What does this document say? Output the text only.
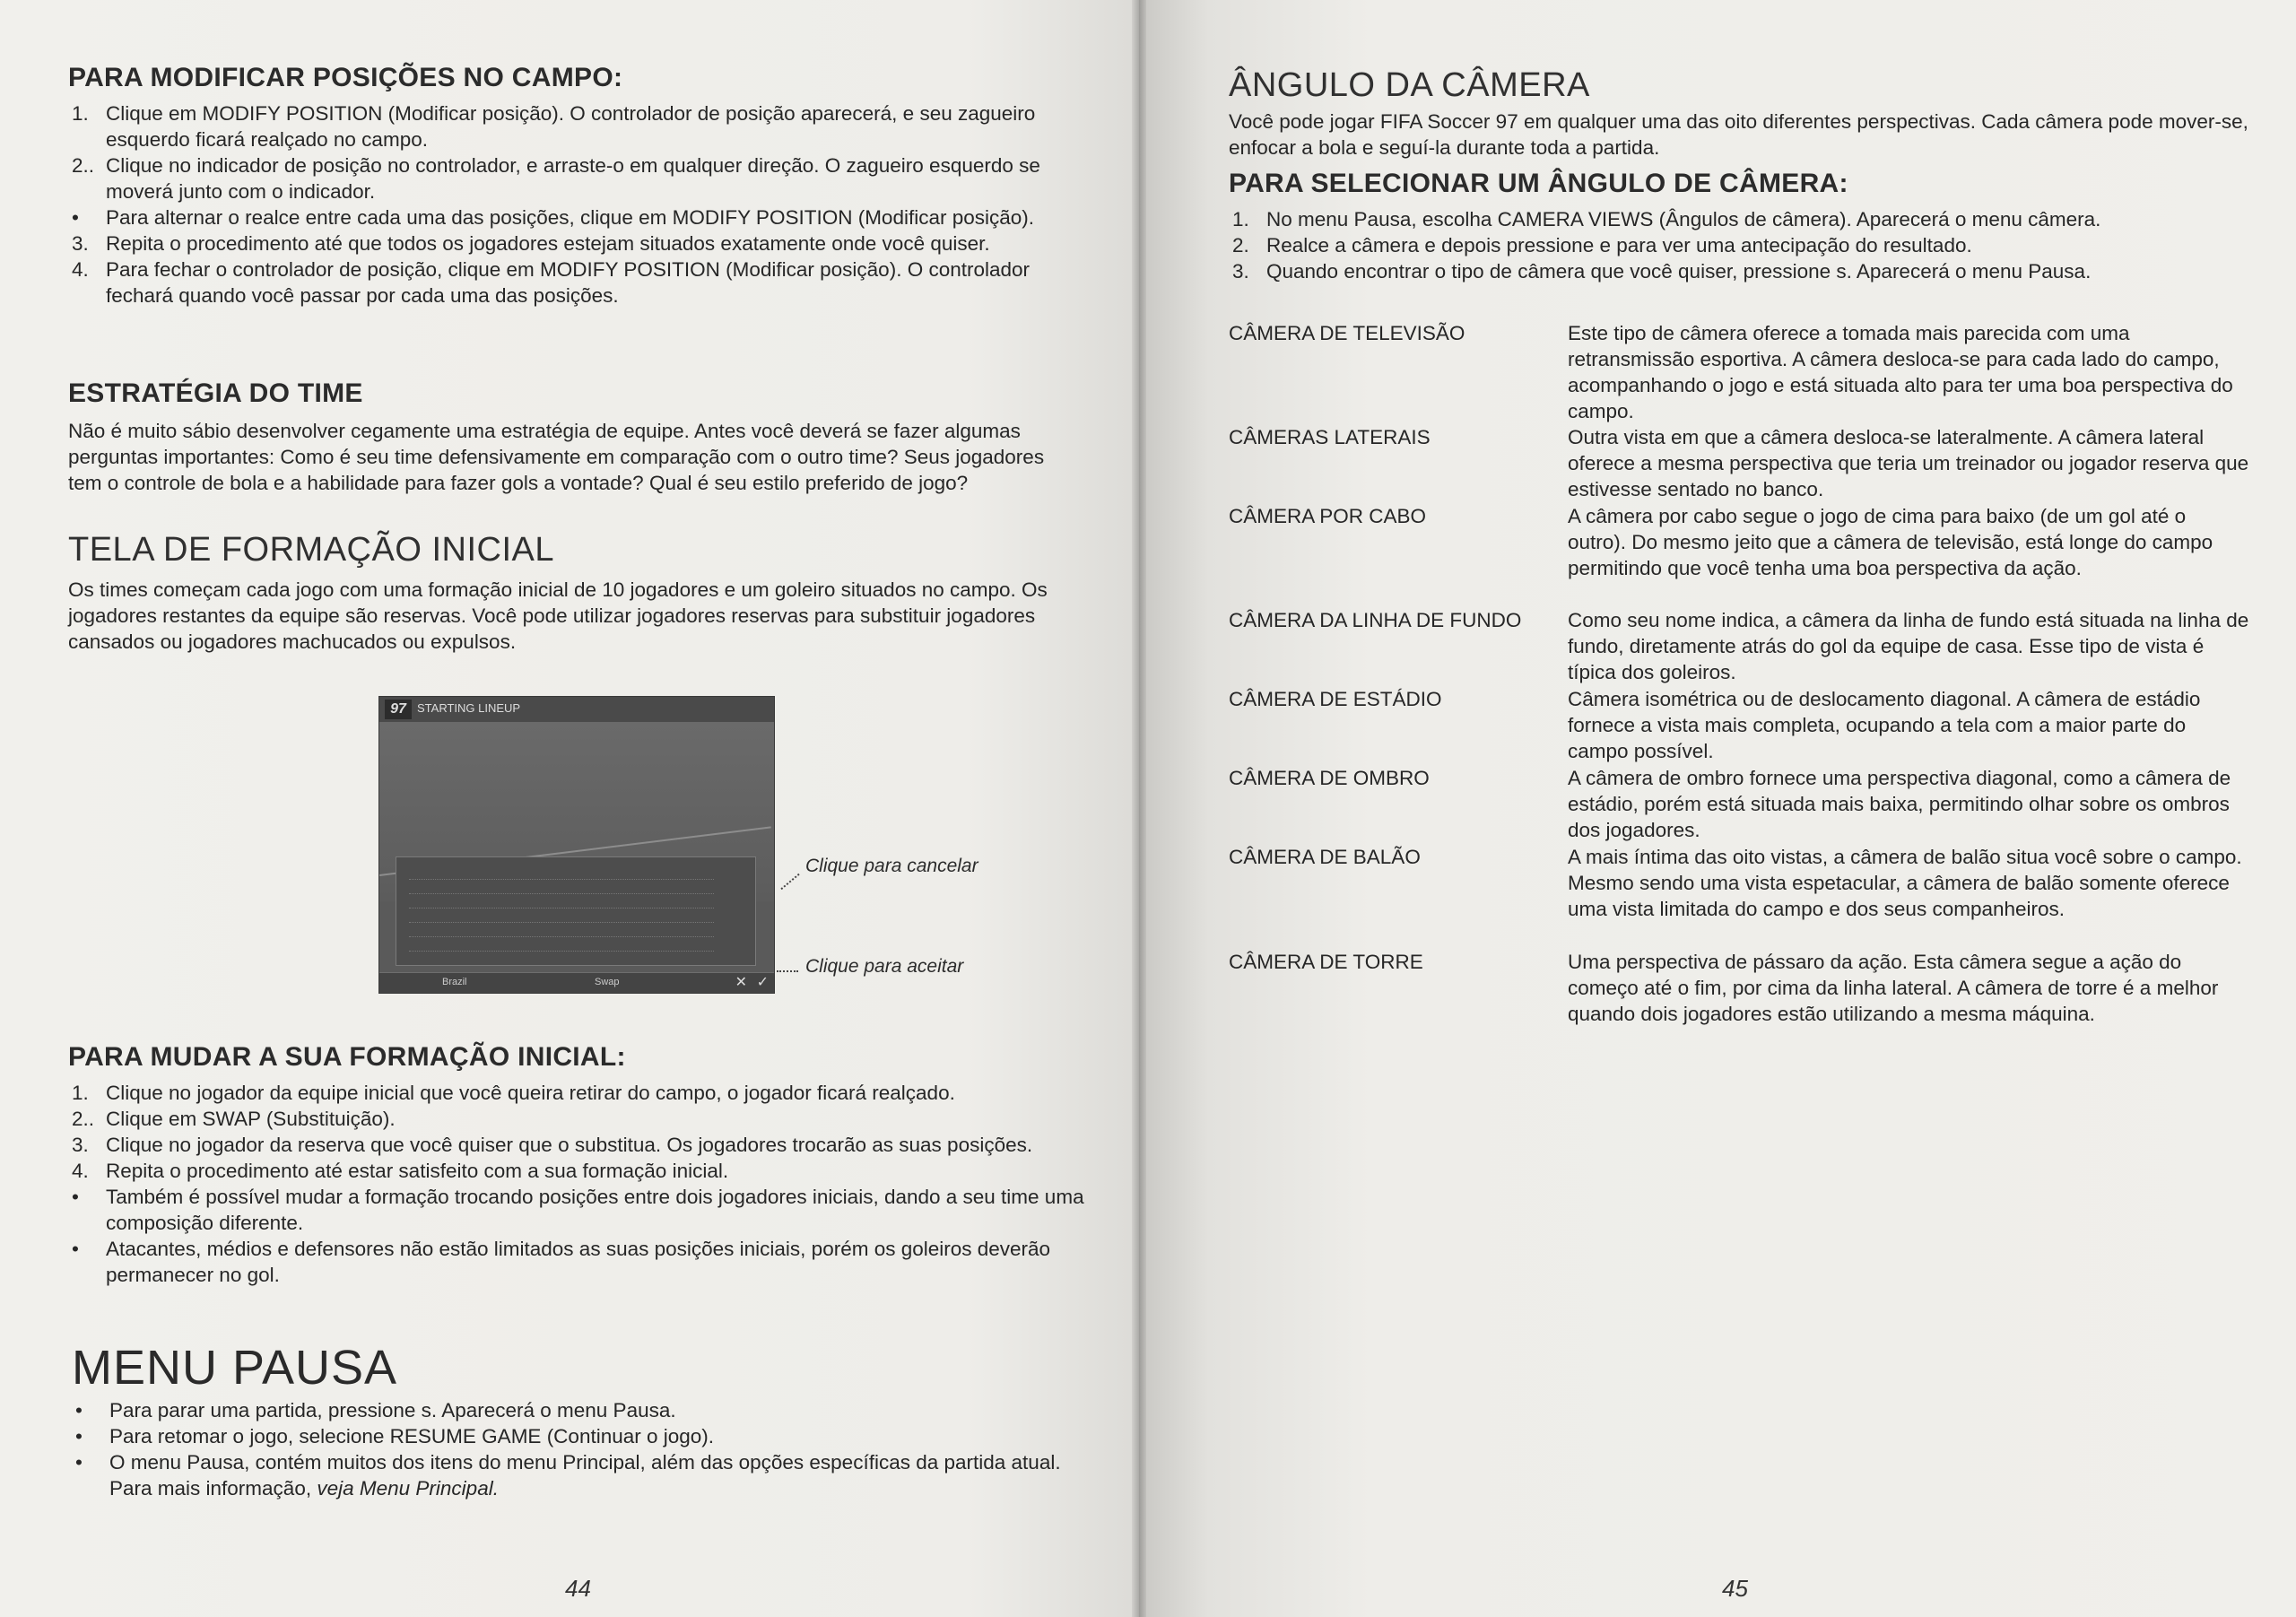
PARA MODIFICAR POSIÇÕES NO CAMPO:
1. Clique em MODIFY POSITION (Modificar posição). O controlador de posição aparecerá, e seu zagueiro esquerdo ficará realçado no campo.
2.. Clique no indicador de posição no controlador, e arraste-o em qualquer direção. O zagueiro esquerdo se moverá junto com o indicador.
• Para alternar o realce entre cada uma das posições, clique em MODIFY POSITION (Modificar posição).
3. Repita o procedimento até que todos os jogadores estejam situados exatamente onde você quiser.
4. Para fechar o controlador de posição, clique em MODIFY POSITION (Modificar posição). O controlador fechará quando você passar por cada uma das posições.
ESTRATÉGIA DO TIME

Não é muito sábio desenvolver cegamente uma estratégia de equipe. Antes você deverá se fazer algumas perguntas importantes: Como é seu time defensivamente em comparação com o outro time? Seus jogadores tem o controle de bola e a habilidade para fazer gols a vontade? Qual é seu estilo preferido de jogo?

TELA DE FORMAÇÃO INICIAL

Os times começam cada jogo com uma formação inicial de 10 jogadores e um goleiro situados no campo. Os jogadores restantes da equipe são reservas. Você pode utilizar jogadores reservas para substituir jogadores cansados ou jogadores machucados ou expulsos.

97 STARTING LINEUP
Brazil	Swap	✕ ✓
Clique para cancelar
Clique para aceitar
PARA MUDAR A SUA FORMAÇÃO INICIAL:
1. Clique no jogador da equipe inicial que você queira retirar do campo, o jogador ficará realçado.
2.. Clique em SWAP (Substituição).
3. Clique no jogador da reserva que você quiser que o substitua. Os jogadores trocarão as suas posições.
4. Repita o procedimento até estar satisfeito com a sua formação inicial.
• Também é possível mudar a formação trocando posições entre dois jogadores iniciais, dando a seu time uma composição diferente.
• Atacantes, médios e defensores não estão limitados as suas posições iniciais, porém os goleiros deverão permanecer no gol.
MENU PAUSA
• Para parar uma partida, pressione s. Aparecerá o menu Pausa.
• Para retomar o jogo, selecione RESUME GAME (Continuar o jogo).
• O menu Pausa, contém muitos dos itens do menu Principal, além das opções específicas da partida atual. Para mais informação, veja Menu Principal.
44
ÂNGULO DA CÂMERA

Você pode jogar FIFA Soccer 97 em qualquer uma das oito diferentes perspectivas. Cada câmera pode mover-se, enfocar a bola e seguí-la durante toda a partida.

PARA SELECIONAR UM ÂNGULO DE CÂMERA:
1. No menu Pausa, escolha CAMERA VIEWS (Ângulos de câmera). Aparecerá o menu câmera.
2. Realce a câmera e depois pressione e para ver uma antecipação do resultado.
3. Quando encontrar o tipo de câmera que você quiser, pressione s. Aparecerá o menu Pausa.
CÂMERA DE TELEVISÃO	Este tipo de câmera oferece a tomada mais parecida com uma retransmissão esportiva. A câmera desloca-se para cada lado do campo, acompanhando o jogo e está situada alto para ter uma boa perspectiva do campo.
CÂMERAS LATERAIS	Outra vista em que a câmera desloca-se lateralmente. A câmera lateral oferece a mesma perspectiva que teria um treinador ou jogador reserva que estivesse sentado no banco.
CÂMERA POR CABO	A câmera por cabo segue o jogo de cima para baixo (de um gol até o outro). Do mesmo jeito que a câmera de televisão, está longe do campo permitindo que você tenha uma boa perspectiva da ação.
CÂMERA DA LINHA DE FUNDO	Como seu nome indica, a câmera da linha de fundo está situada na linha de fundo, diretamente atrás do gol da equipe de casa. Esse tipo de vista é típica dos goleiros.
CÂMERA DE ESTÁDIO	Câmera isométrica ou de deslocamento diagonal. A câmera de estádio fornece a vista mais completa, ocupando a tela com a maior parte do campo possível.
CÂMERA DE OMBRO	A câmera de ombro fornece uma perspectiva diagonal, como a câmera de estádio, porém está situada mais baixa, permitindo olhar sobre os ombros dos jogadores.
CÂMERA DE BALÃO	A mais íntima das oito vistas, a câmera de balão situa você sobre o campo. Mesmo sendo uma vista espetacular, a câmera de balão somente oferece uma vista limitada do campo e dos seus companheiros.
CÂMERA DE TORRE	Uma perspectiva de pássaro da ação. Esta câmera segue a ação do começo até o fim, por cima da linha lateral. A câmera de torre é a melhor quando dois jogadores estão utilizando a mesma máquina.
45
